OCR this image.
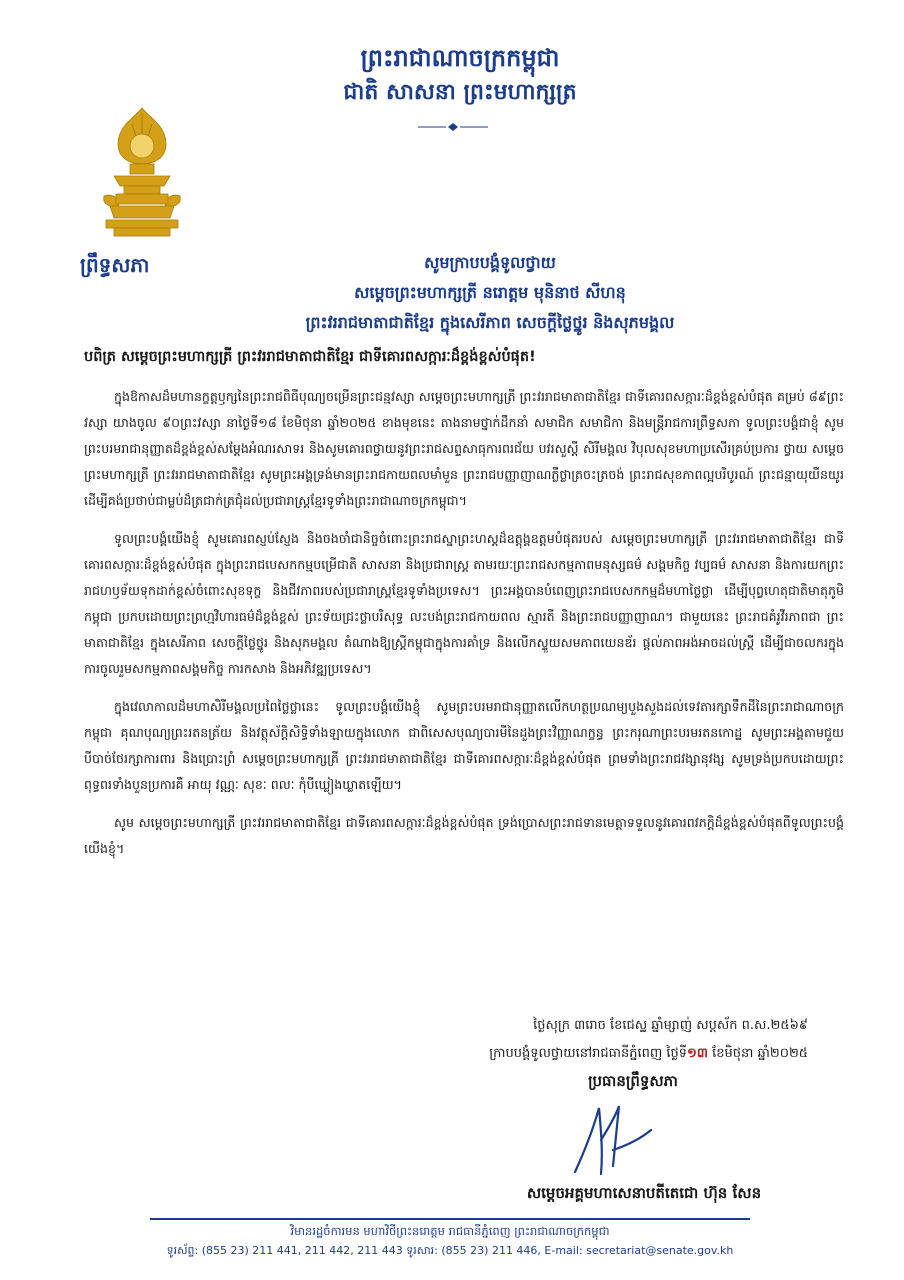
ព្រះរាជាណាចក្រកម្ពុជា
ជាតិ សាសនា ព្រះមហាក្សត្រ
ព្រឹទ្ធសភា	សូមក្រាបបង្គំទូលថ្វាយ
សម្តេចព្រះមហាក្សត្រី នរោត្តម មុនិនាថ សីហនុ
ព្រះវររាជមាតាជាតិខ្មែរ ក្នុងសេរីភាព សេចក្តីថ្លៃថ្នូរ និងសុភមង្គល
បពិត្រ សម្តេចព្រះមហាក្សត្រី ព្រះវររាជមាតាជាតិខ្មែរ ជាទីគោរពសក្ការៈដ៏ខ្ពង់ខ្ពស់បំផុត!

ក្នុងឱកាសដ៏មហានក្ខត្តឫក្សនៃព្រះរាជពិធីបុណ្យចម្រើនព្រះជន្មវស្សា សម្តេចព្រះមហាក្សត្រី ព្រះវររាជមាតាជាតិខ្មែរ ជាទីគោរពសក្ការៈដ៏ខ្ពង់ខ្ពស់បំផុត គម្រប់ ៨៩ព្រះវស្សា យាងចូល ៩០ព្រះវស្សា នាថ្ងៃទី១៨ ខែមិថុនា ឆ្នាំ២០២៥ ខាងមុខនេះ តាងនាមថ្នាក់ដឹកនាំ សមាជិក សមាជិកា និងមន្ត្រីរាជការព្រឹទ្ធសភា ទូលព្រះបង្គំជាខ្ញុំ សូមព្រះបរមរាជានុញ្ញាតដ៏ខ្ពង់ខ្ពស់សម្តែងអំណរសាទរ និងសូមគោរពថ្វាយនូវព្រះរាជសព្ទសាធុការពរជ័យ បវរសួស្តី សិរីមង្គល វិបុលសុខមហាប្រសើរគ្រប់ប្រការ ថ្វាយ សម្តេចព្រះមហាក្សត្រី ព្រះវររាជមាតាជាតិខ្មែរ សូមព្រះអង្គទ្រង់មានព្រះរាជកាយពលមាំមួន ព្រះរាជបញ្ញាញាណភ្លឺថ្លាត្រចះត្រចង់ ព្រះរាជសុខភាពល្អបរិបូរណ៍ ព្រះជន្មាយុយឺនយូរ ដើម្បីគង់ប្រថាប់ជាម្លប់ដ៏ត្រជាក់ត្រជុំដល់ប្រជារាស្ត្រខ្មែរទូទាំងព្រះរាជាណាចក្រកម្ពុជា។

ទូលព្រះបង្គំយើងខ្ញុំ សូមគោរពស្ញប់ស្ញែង និងចងចាំជានិច្ចចំពោះព្រះរាជស្នាព្រះហស្តដ៏ឧត្តុង្គឧត្តមបំផុតរបស់ សម្តេចព្រះមហាក្សត្រី ព្រះវររាជមាតាជាតិខ្មែរ ជាទីគោរពសក្ការៈដ៏ខ្ពង់ខ្ពស់បំផុត ក្នុងព្រះរាជបេសកកម្មបម្រើជាតិ សាសនា និងប្រជារាស្ត្រ តាមរយៈព្រះរាជសកម្មភាពមនុស្សធម៌ សង្គមកិច្ច វប្បធម៌ សាសនា និងការយកព្រះរាជហឫទ័យទុកដាក់ខ្ពស់ចំពោះសុខទុក្ខ និងជីវភាពរបស់ប្រជារាស្ត្រខ្មែរទូទាំងប្រទេស។ ព្រះអង្គបានបំពេញព្រះរាជបេសកកម្មដ៏មហាថ្លៃថ្លា ដើម្បីបុព្វហេតុជាតិមាតុភូមិកម្ពុជា ប្រកបដោយព្រះព្រហ្មវិហារធម៌ដ៏ខ្ពង់ខ្ពស់ ព្រះទ័យជ្រះថ្លាបរិសុទ្ធ លះបង់ព្រះរាជកាយពល ស្មារតី និងព្រះរាជបញ្ញាញាណ។ ជាមួយនេះ ព្រះរាជគំរូវីរភាពជា ព្រះមាតាជាតិខ្មែរ ក្នុងសេរីភាព សេចក្តីថ្លៃថ្នូរ និងសុភមង្គល តំណាងឱ្យស្ត្រីកម្ពុជាក្នុងការគាំទ្រ និងលើកស្ទួយសមភាពយេនឌ័រ ផ្តល់ភាពអង់អាចដល់ស្ត្រី ដើម្បីជាចលករក្នុងការចូលរួមសកម្មភាពសង្គមកិច្ច ការកសាង និងអភិវឌ្ឍប្រទេស។

ក្នុងវេលាកាលដ៏មហាសិរីមង្គលប្រពៃថ្លៃថ្លានេះ ទូលព្រះបង្គំយើងខ្ញុំ សូមព្រះបរមរាជានុញ្ញាតលើកហត្ថប្រណម្យបួងសួងដល់ទេវតារក្សាទឹកដីនៃព្រះរាជាណាចក្រកម្ពុជា គុណបុណ្យព្រះរតនត្រ័យ និងវត្ថុស័ក្តិសិទ្ធិទាំងឡាយក្នុងលោក ជាពិសេសបុណ្យបារមីនៃដួងព្រះវិញ្ញាណក្ខន្ធ ព្រះករុណាព្រះបរមរតនកោដ្ឋ សូមព្រះអង្គតាមជួយបីបាច់ថែរក្សាការពារ និងប្រោះព្រំ សម្តេចព្រះមហាក្សត្រី ព្រះវររាជមាតាជាតិខ្មែរ ជាទីគោរពសក្ការៈដ៏ខ្ពង់ខ្ពស់បំផុត ព្រមទាំងព្រះរាជវង្សានុវង្ស សូមទ្រង់ប្រកបដោយព្រះពុទ្ធពរទាំងបួនប្រការគឺ អាយុ វណ្ណៈ សុខៈ ពលៈ កុំបីឃ្លៀងឃ្លាតឡើយ។

សូម សម្តេចព្រះមហាក្សត្រី ព្រះវររាជមាតាជាតិខ្មែរ ជាទីគោរពសក្ការៈដ៏ខ្ពង់ខ្ពស់បំផុត ទ្រង់ប្រោសព្រះរាជទានមេត្តាទទួលនូវគោរពវភក្តិដ៏ខ្ពង់ខ្ពស់បំផុតពីទូលព្រះបង្គំយើងខ្ញុំ។

ថ្ងៃសុក្រ ៣រោច ខែជេស្ឋ ឆ្នាំម្សាញ់ សប្តស័ក ព.ស.២៥៦៩
ក្រាបបង្គំទូលថ្វាយនៅរាជធានីភ្នំពេញ ថ្ងៃទី១៣ ខែមិថុនា ឆ្នាំ២០២៥
ប្រធានព្រឹទ្ធសភា
សម្តេចអគ្គមហាសេនាបតីតេជោ ហ៊ុន សែន
វិមានរដ្ឋចំការមន មហាវិថីព្រះនរោត្តម រាជធានីភ្នំពេញ ព្រះរាជាណាចក្រកម្ពុជា
ទូរស័ព្ទ: (855 23) 211 441, 211 442, 211 443 ទូរសារ: (855 23) 211 446, E-mail: secretariat@senate.gov.kh
